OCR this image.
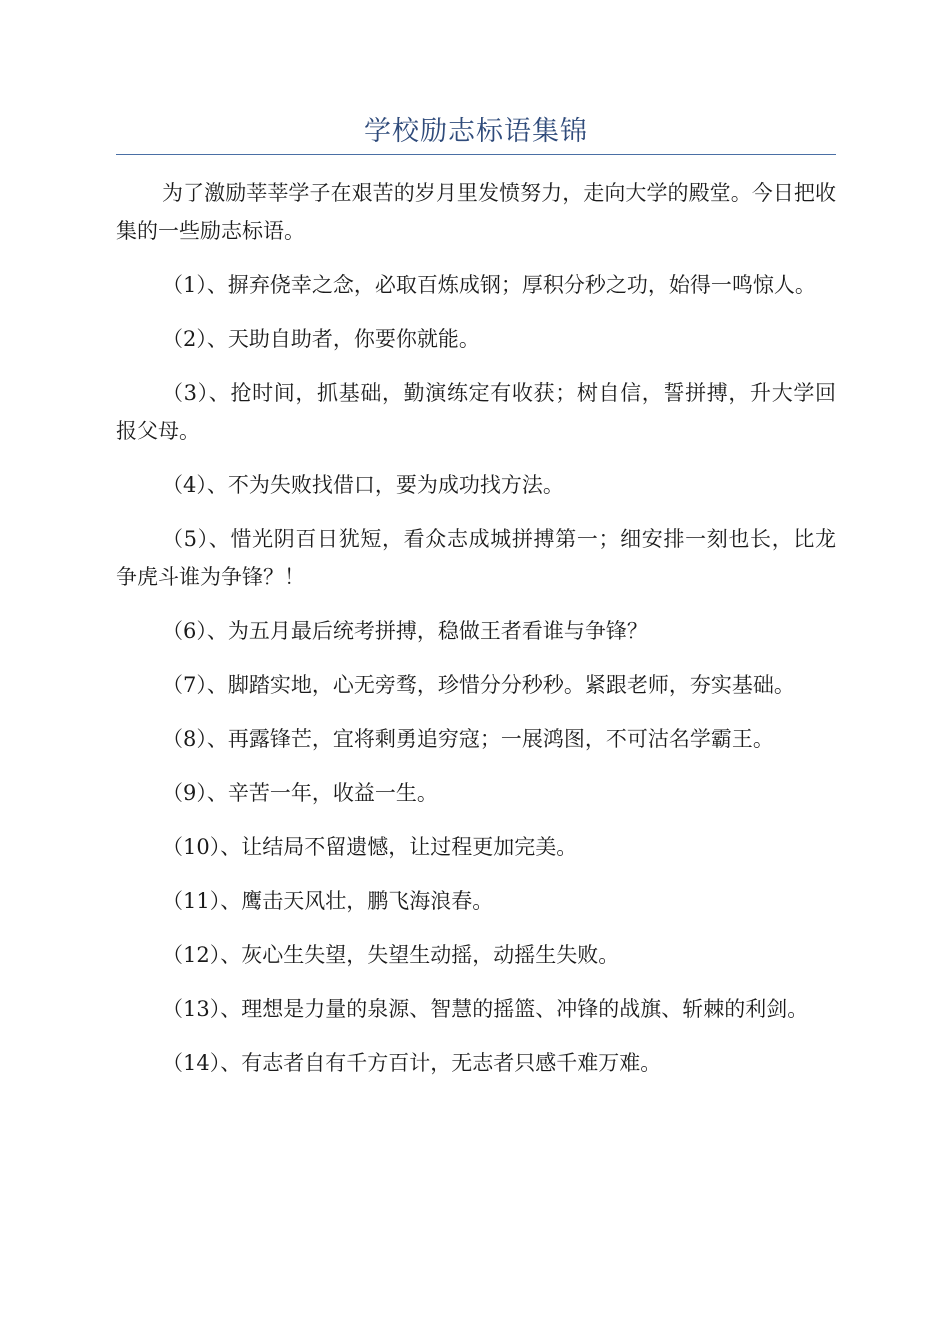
学校励志标语集锦

为了激励莘莘学子在艰苦的岁月里发愤努力，走向大学的殿堂。今日把收集的一些励志标语。

（1）、摒弃侥幸之念，必取百炼成钢；厚积分秒之功，始得一鸣惊人。

（2）、天助自助者，你要你就能。

（3）、抢时间，抓基础，勤演练定有收获；树自信，誓拼搏，升大学回报父母。

（4）、不为失败找借口，要为成功找方法。

（5）、惜光阴百日犹短，看众志成城拼搏第一；细安排一刻也长，比龙争虎斗谁为争锋？！

（6）、为五月最后统考拼搏，稳做王者看谁与争锋？

（7）、脚踏实地，心无旁骛，珍惜分分秒秒。紧跟老师，夯实基础。

（8）、再露锋芒，宜将剩勇追穷寇；一展鸿图，不可沽名学霸王。

（9）、辛苦一年，收益一生。

（10）、让结局不留遗憾，让过程更加完美。

（11）、鹰击天风壮，鹏飞海浪春。

（12）、灰心生失望，失望生动摇，动摇生失败。

（13）、理想是力量的泉源、智慧的摇篮、冲锋的战旗、斩棘的利剑。

（14）、有志者自有千方百计，无志者只感千难万难。
